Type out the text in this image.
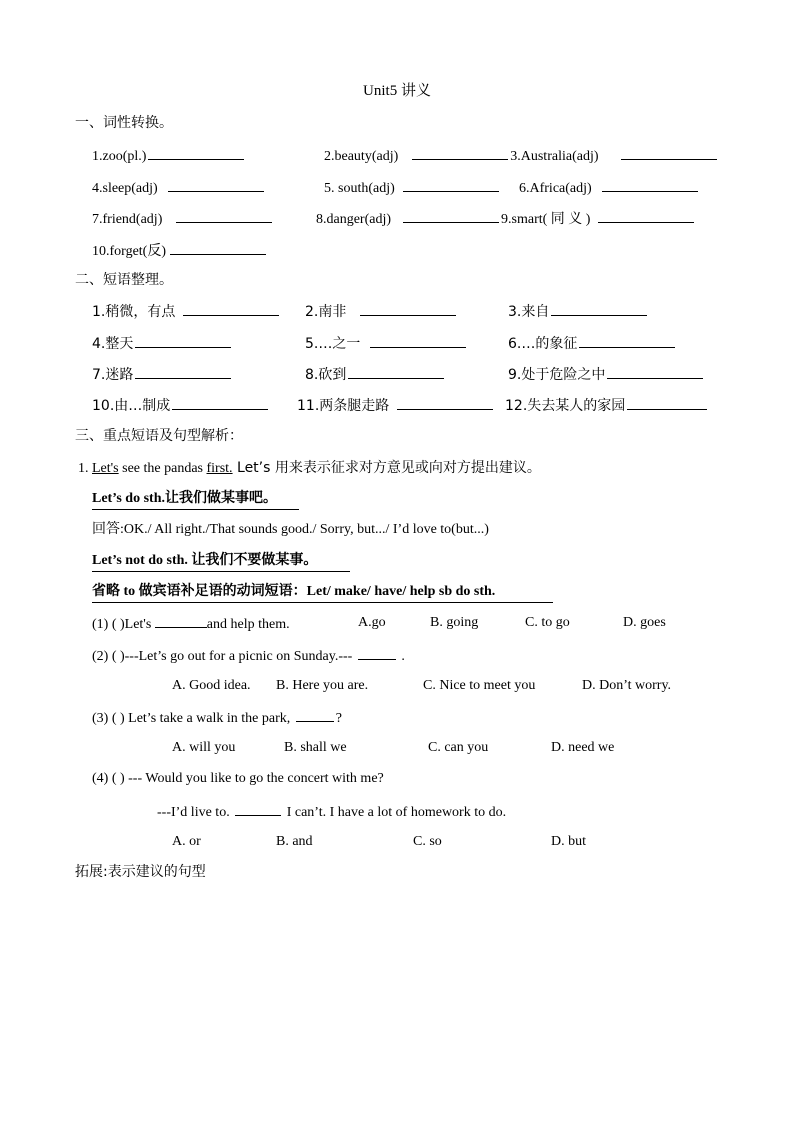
Unit5 讲义
一、词性转换。
1.zoo(pl.)	2.beauty(adj)	3.Australia(adj)
4.sleep(adj)	5. south(adj)	6.Africa(adj)
7.friend(adj)	8.danger(adj)	9.smart( 同 义 )
10.forget(反)
二、短语整理。
1.稍微，有点	2.南非	3.来自
4.整天	5.…之一	6.…的象征
7.迷路	8.砍到	9.处于危险之中
10.由…制成	11.两条腿走路	12.失去某人的家园
三、重点短语及句型解析：
1. Let's see the pandas first. Let’s 用来表示征求对方意见或向对方提出建议。
Let’s do sth.让我们做某事吧。
回答:OK./ All right./That sounds good./ Sorry, but.../ I’d love to(but...)
Let’s not do sth. 让我们不要做某事。
省略 to 做宾语补足语的动词短语：Let/ make/ have/ help sb do sth.
(1) ( )Let's	and help them.	A.go	B. going	C. to go	D. goes
(2) ( )---Let’s go out for a picnic on Sunday.---	.
A. Good idea. B. Here you are.	C. Nice to meet you	D. Don’t worry.
(3) ( ) Let’s take a walk in the park,	?
A. will you	B. shall we	C. can you	D. need we
(4) ( ) --- Would you like to go the concert with me?
---I’d live to.	I can’t. I have a lot of homework to do.
A. or	B. and	C. so	D. but
拓展:表示建议的句型
